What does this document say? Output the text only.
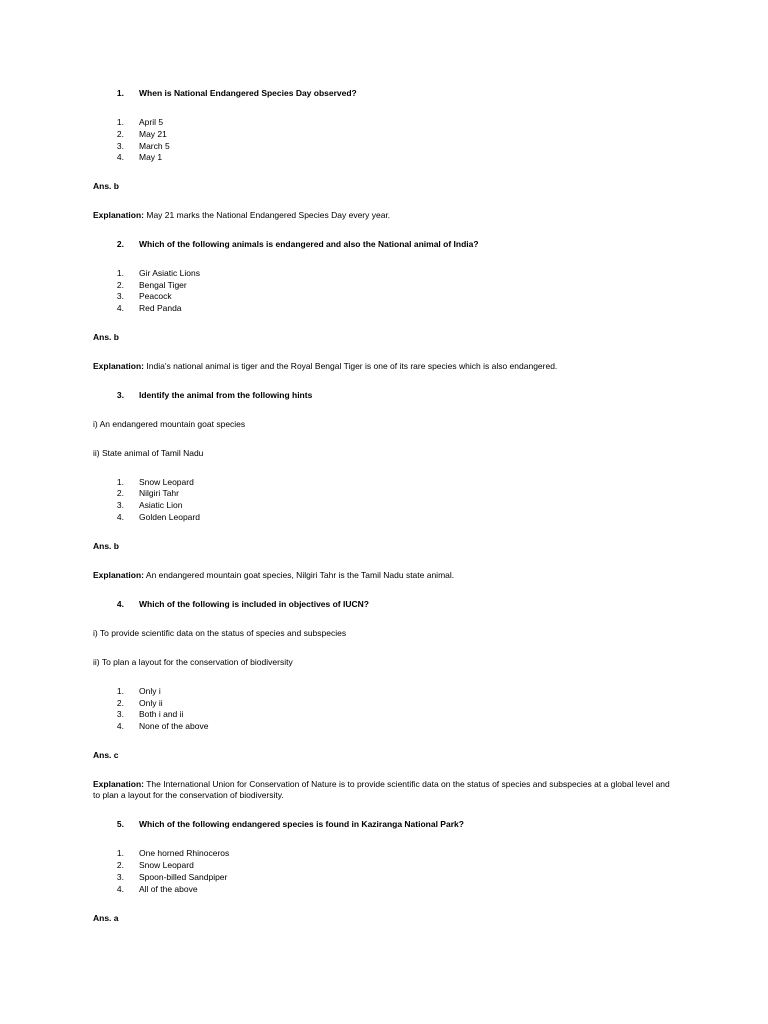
1. When is National Endangered Species Day observed?
1. April 5
2. May 21
3. March 5
4. May 1
Ans. b
Explanation: May 21 marks the National Endangered Species Day every year.
2. Which of the following animals is endangered and also the National animal of India?
1. Gir Asiatic Lions
2. Bengal Tiger
3. Peacock
4. Red Panda
Ans. b
Explanation: India’s national animal is tiger and the Royal Bengal Tiger is one of its rare species which is also endangered.
3. Identify the animal from the following hints
i) An endangered mountain goat species
ii) State animal of Tamil Nadu
1. Snow Leopard
2. Nilgiri Tahr
3. Asiatic Lion
4. Golden Leopard
Ans. b
Explanation: An endangered mountain goat species, Nilgiri Tahr is the Tamil Nadu state animal.
4. Which of the following is included in objectives of IUCN?
i) To provide scientific data on the status of species and subspecies
ii) To plan a layout for the conservation of biodiversity
1. Only i
2. Only ii
3. Both i and ii
4. None of the above
Ans. c
Explanation: The International Union for Conservation of Nature is to provide scientific data on the status of species and subspecies at a global level and to plan a layout for the conservation of biodiversity.
5. Which of the following endangered species is found in Kaziranga National Park?
1. One horned Rhinoceros
2. Snow Leopard
3. Spoon-billed Sandpiper
4. All of the above
Ans. a
